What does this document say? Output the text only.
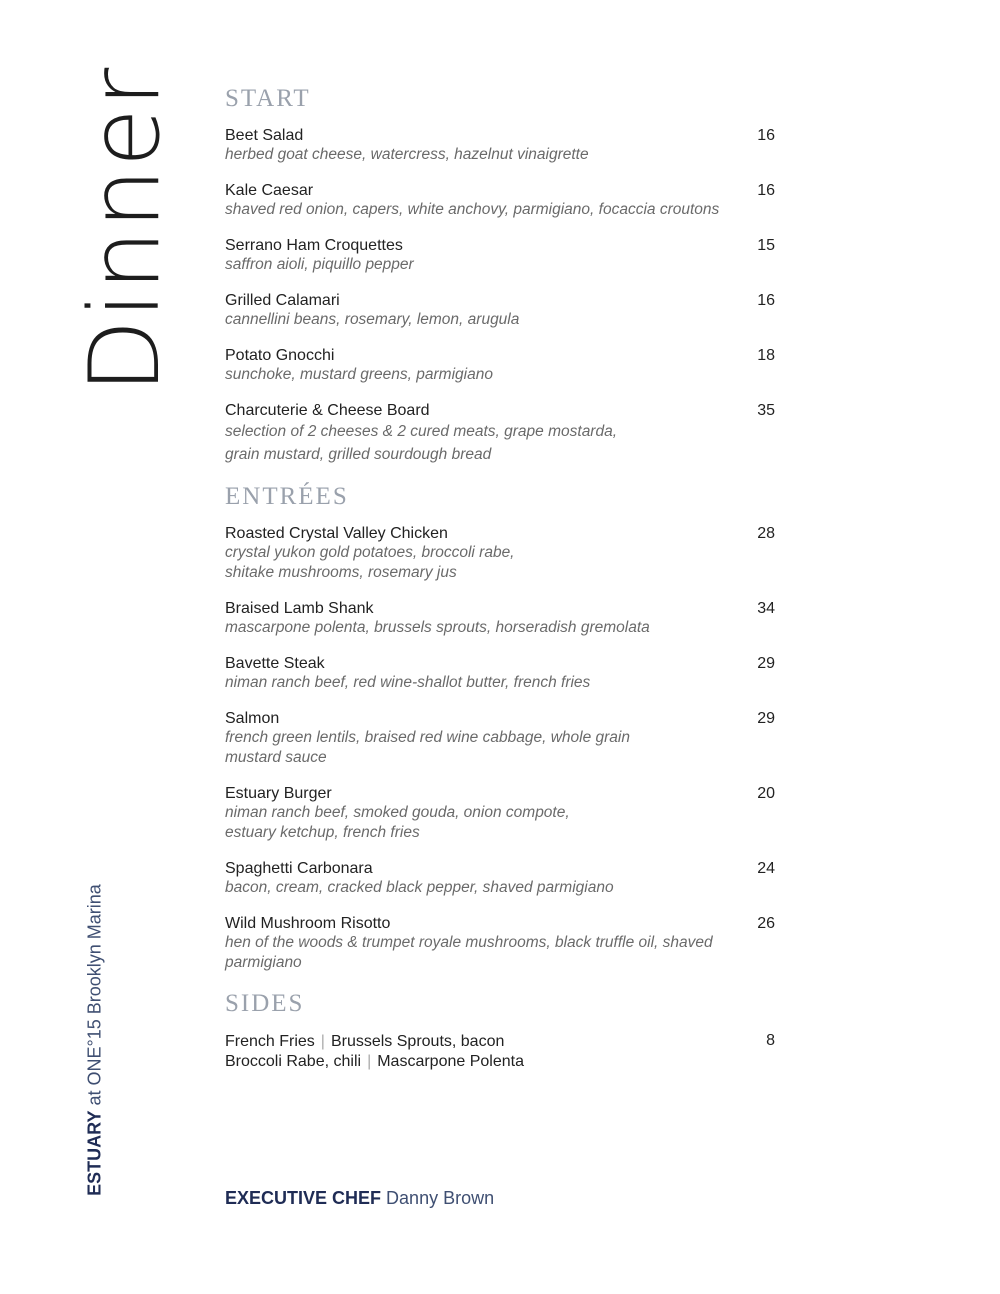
Dinner
ESTUARY at ONE°15 Brooklyn Marina
START
Beet Salad	16
herbed goat cheese, watercress, hazelnut vinaigrette
Kale Caesar	16
shaved red onion, capers, white anchovy, parmigiano, focaccia croutons
Serrano Ham Croquettes	15
saffron aioli, piquillo pepper
Grilled Calamari	16
cannellini beans, rosemary, lemon, arugula
Potato Gnocchi	18
sunchoke, mustard greens, parmigiano
Charcuterie & Cheese Board	35
selection of 2 cheeses & 2 cured meats, grape mostarda,
grain mustard, grilled sourdough bread
ENTRÉES
Roasted Crystal Valley Chicken	28
crystal yukon gold potatoes, broccoli rabe,
shitake mushrooms, rosemary jus
Braised Lamb Shank	34
mascarpone polenta, brussels sprouts, horseradish gremolata
Bavette Steak	29
niman ranch beef, red wine-shallot butter, french fries
Salmon	29
french green lentils, braised red wine cabbage, whole grain
mustard sauce
Estuary Burger	20
niman ranch beef, smoked gouda, onion compote,
estuary ketchup, french fries
Spaghetti Carbonara	24
bacon, cream, cracked black pepper, shaved parmigiano
Wild Mushroom Risotto	26
hen of the woods & trumpet royale mushrooms, black truffle oil, shaved
parmigiano
SIDES
French Fries | Brussels Sprouts, bacon
Broccoli Rabe, chili | Mascarpone Polenta
8
EXECUTIVE CHEF Danny Brown
